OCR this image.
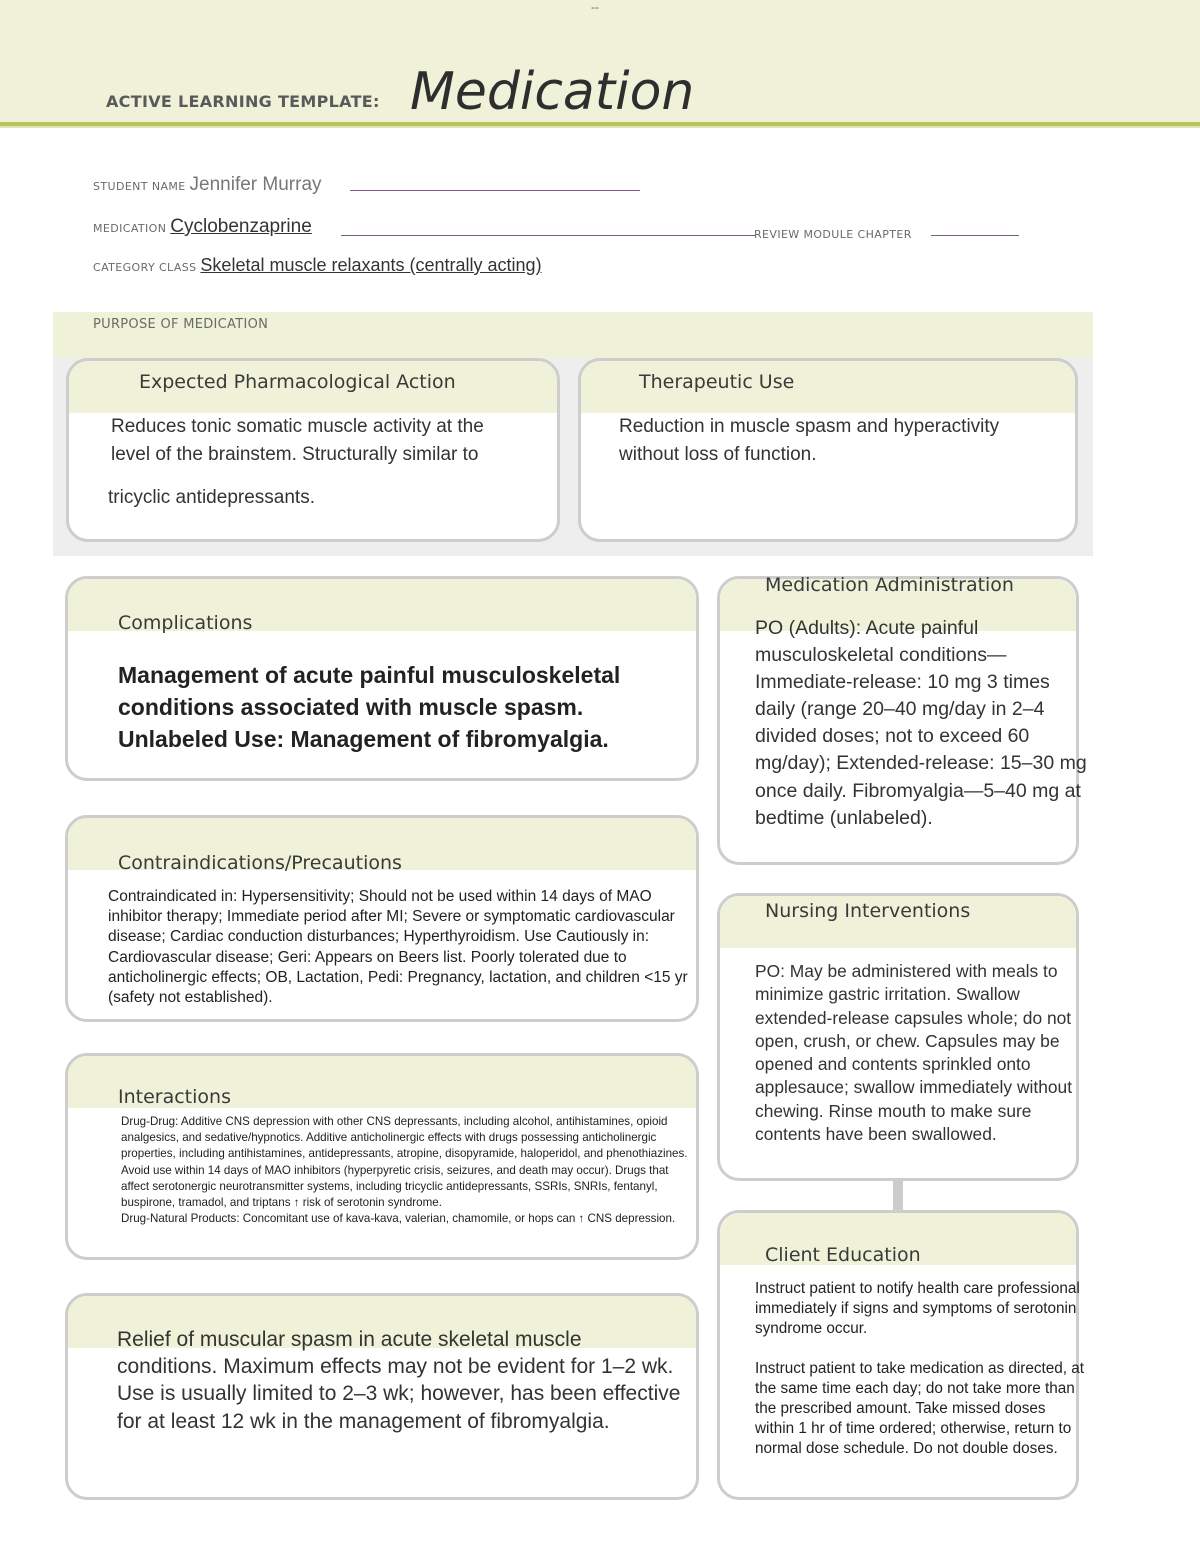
--
ACTIVE LEARNING TEMPLATE: Medication
STUDENT NAME Jennifer Murray
MEDICATION Cyclobenzaprine	REVIEW MODULE CHAPTER
CATEGORY CLASS Skeletal muscle relaxants (centrally acting)
PURPOSE OF MEDICATION
Expected Pharmacological Action
Reduces tonic somatic muscle activity at the
level of the brainstem. Structurally similar to
tricyclic antidepressants.
Therapeutic Use
Reduction in muscle spasm and hyperactivity without loss of function.
Complications
Management of acute painful musculoskeletal conditions associated with muscle spasm. Unlabeled Use: Management of fibromyalgia.
Contraindications/Precautions
Contraindicated in: Hypersensitivity; Should not be used within 14 days of MAO inhibitor therapy; Immediate period after MI; Severe or symptomatic cardiovascular disease; Cardiac conduction disturbances; Hyperthyroidism. Use Cautiously in: Cardiovascular disease; Geri: Appears on Beers list. Poorly tolerated due to anticholinergic effects; OB, Lactation, Pedi: Pregnancy, lactation, and children <15 yr (safety not established).
Interactions
Drug-Drug: Additive CNS depression with other CNS depressants, including alcohol, antihistamines, opioid analgesics, and sedative/hypnotics. Additive anticholinergic effects with drugs possessing anticholinergic properties, including antihistamines, antidepressants, atropine, disopyramide, haloperidol, and phenothiazines. Avoid use within 14 days of MAO inhibitors (hyperpyretic crisis, seizures, and death may occur). Drugs that affect serotonergic neurotransmitter systems, including tricyclic antidepressants, SSRIs, SNRIs, fentanyl, buspirone, tramadol, and triptans ↑ risk of serotonin syndrome.
Drug-Natural Products: Concomitant use of kava-kava, valerian, chamomile, or hops can ↑ CNS depression.
Relief of muscular spasm in acute skeletal muscle conditions. Maximum effects may not be evident for 1–2 wk. Use is usually limited to 2–3 wk; however, has been effective for at least 12 wk in the management of fibromyalgia.
Medication Administration
PO (Adults): Acute painful musculoskeletal conditions—Immediate-release: 10 mg 3 times daily (range 20–40 mg/day in 2–4 divided doses; not to exceed 60 mg/day); Extended-release: 15–30 mg once daily. Fibromyalgia—5–40 mg at bedtime (unlabeled).
Nursing Interventions
PO: May be administered with meals to minimize gastric irritation. Swallow extended-release capsules whole; do not open, crush, or chew. Capsules may be opened and contents sprinkled onto applesauce; swallow immediately without chewing. Rinse mouth to make sure contents have been swallowed.
Client Education
Instruct patient to notify health care professional immediately if signs and symptoms of serotonin syndrome occur.
Instruct patient to take medication as directed, at the same time each day; do not take more than the prescribed amount. Take missed doses within 1 hr of time ordered; otherwise, return to normal dose schedule. Do not double doses.
